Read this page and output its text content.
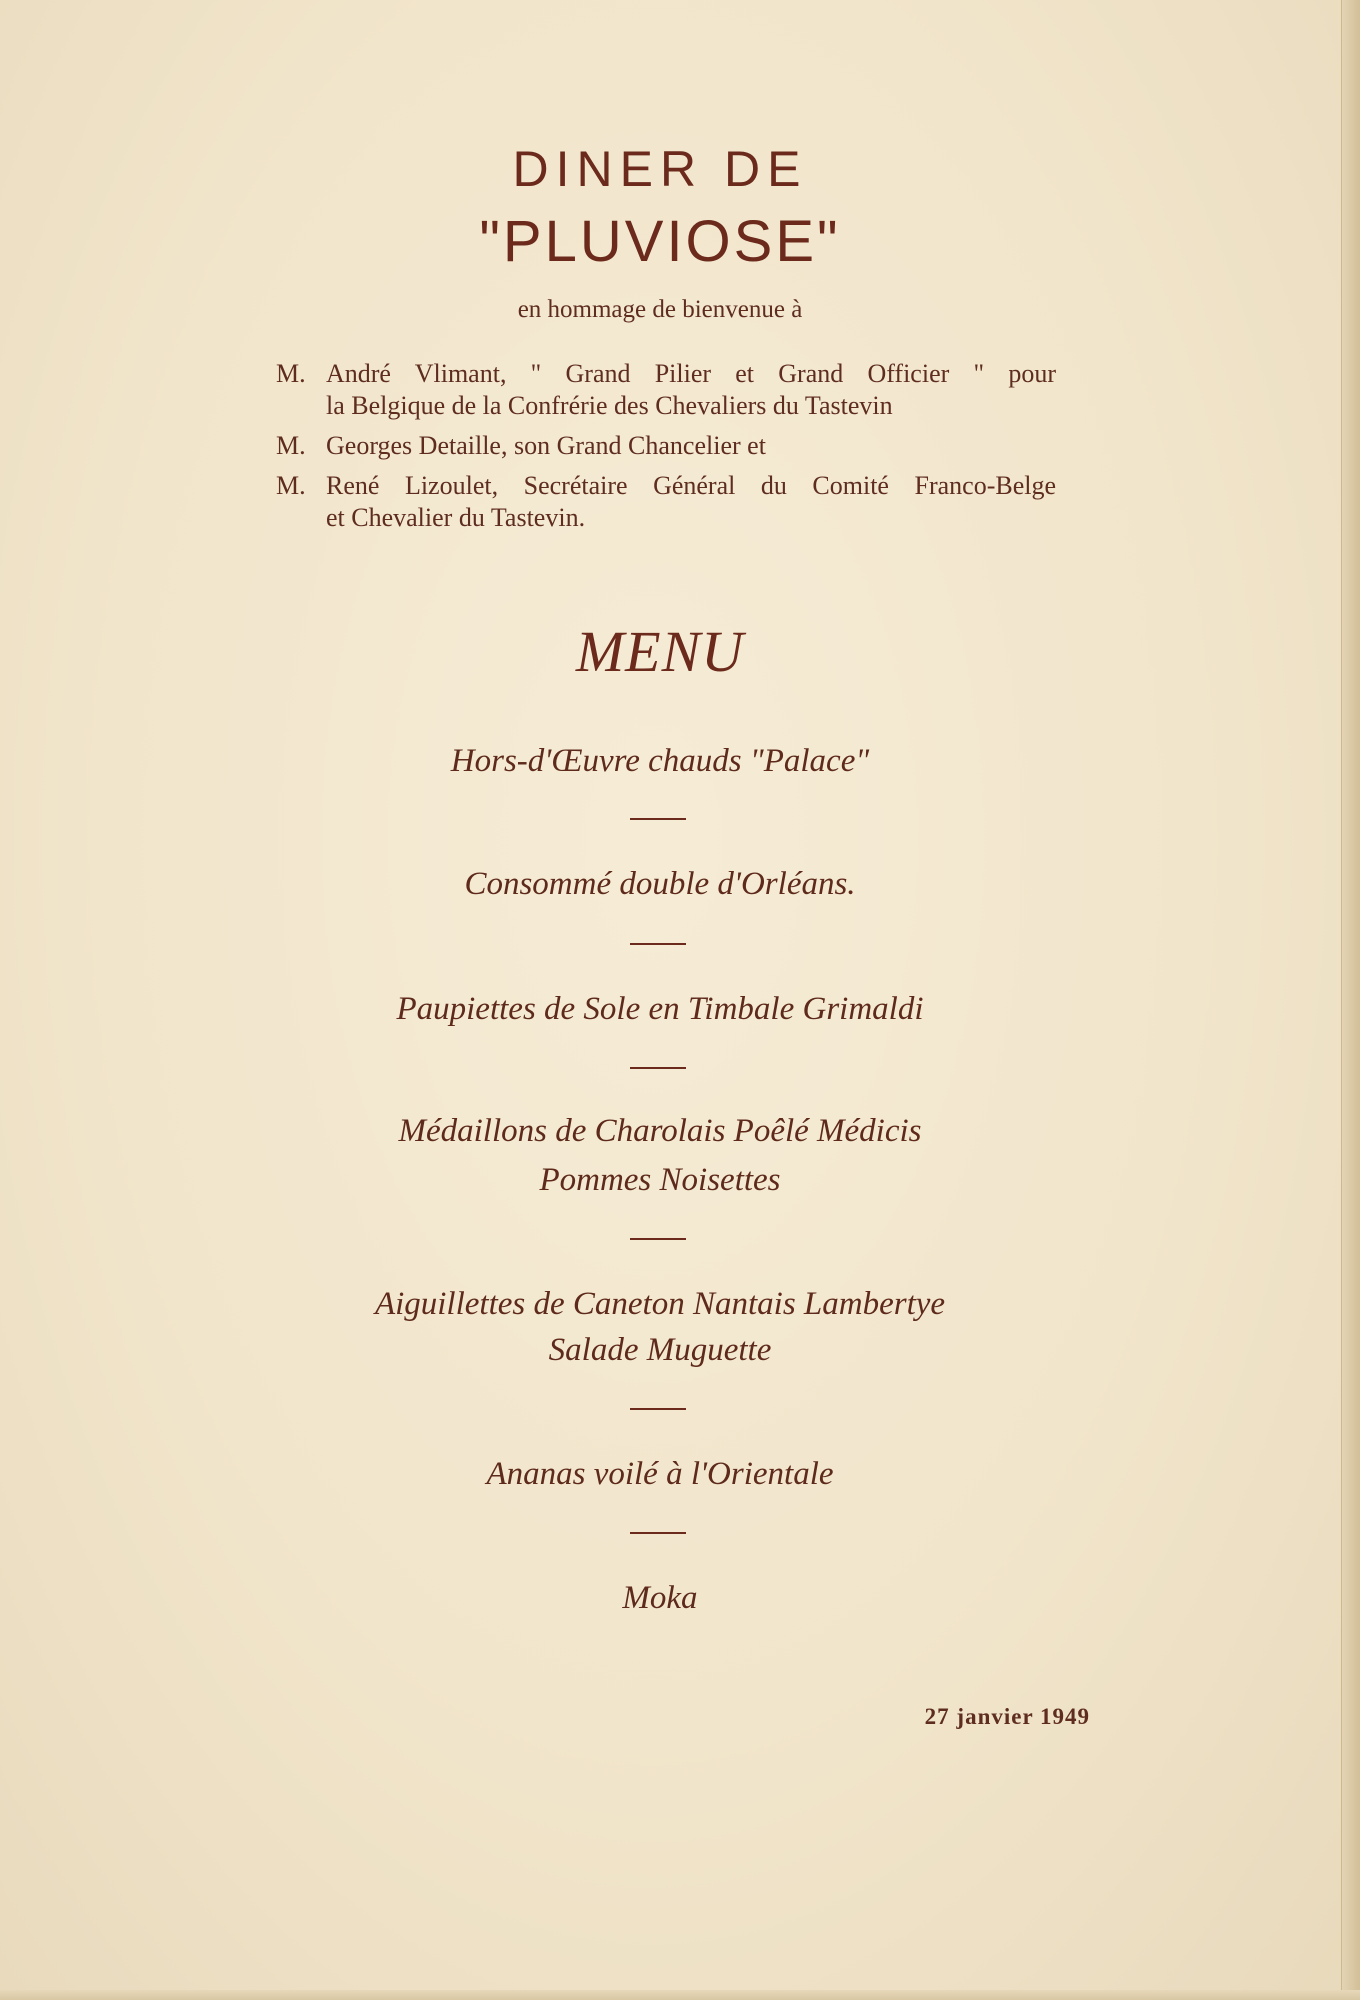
DINER DE
"PLUVIOSE"
en hommage de bienvenue à
M. André Vlimant, " Grand Pilier et Grand Officier " pour
la Belgique de la Confrérie des Chevaliers du Tastevin
M. Georges Detaille, son Grand Chancelier et
M. René Lizoulet, Secrétaire Général du Comité Franco-Belge
et Chevalier du Tastevin.
MENU
Hors-d'Œuvre chauds "Palace"
Consommé double d'Orléans.
Paupiettes de Sole en Timbale Grimaldi
Médaillons de Charolais Poêlé Médicis
Pommes Noisettes
Aiguillettes de Caneton Nantais Lambertye
Salade Muguette
Ananas voilé à l'Orientale
Moka
27 janvier 1949
